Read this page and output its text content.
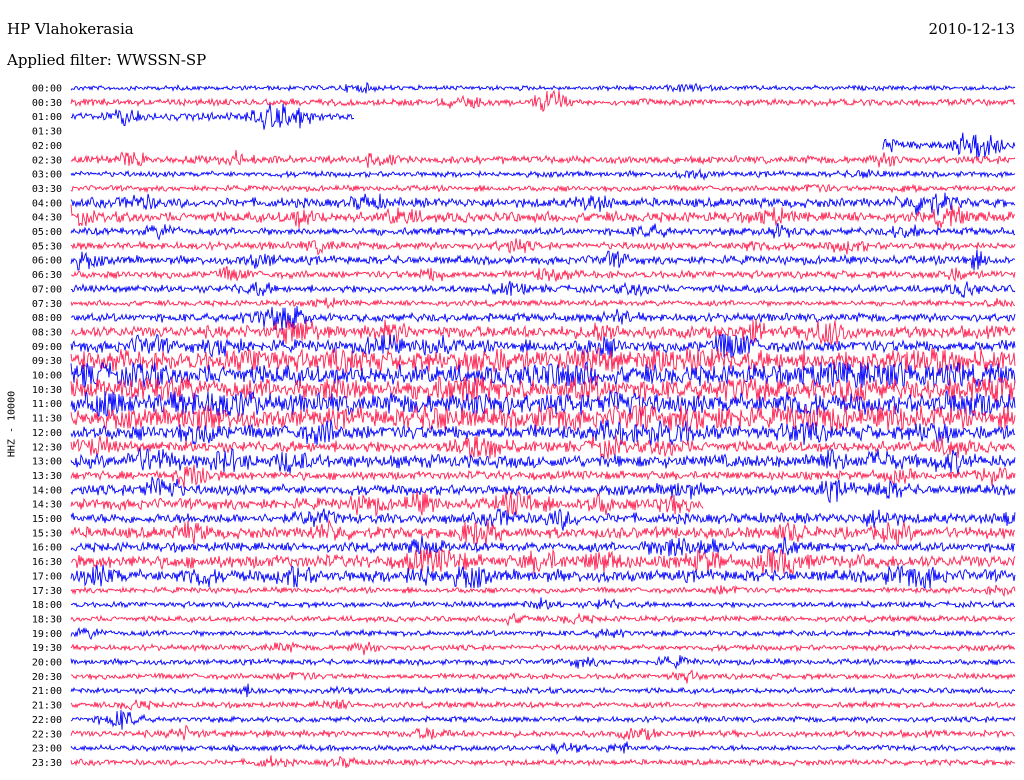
HP Vlahokerasia	2010-12-13
Applied filter: WWSSN-SP
HHZ - 10000
00:00
00:30
01:00
01:30
02:00
02:30
03:00
03:30
04:00
04:30
05:00
05:30
06:00
06:30
07:00
07:30
08:00
08:30
09:00
09:30
10:00
10:30
11:00
11:30
12:00
12:30
13:00
13:30
14:00
14:30
15:00
15:30
16:00
16:30
17:00
17:30
18:00
18:30
19:00
19:30
20:00
20:30
21:00
21:30
22:00
22:30
23:00
23:30
